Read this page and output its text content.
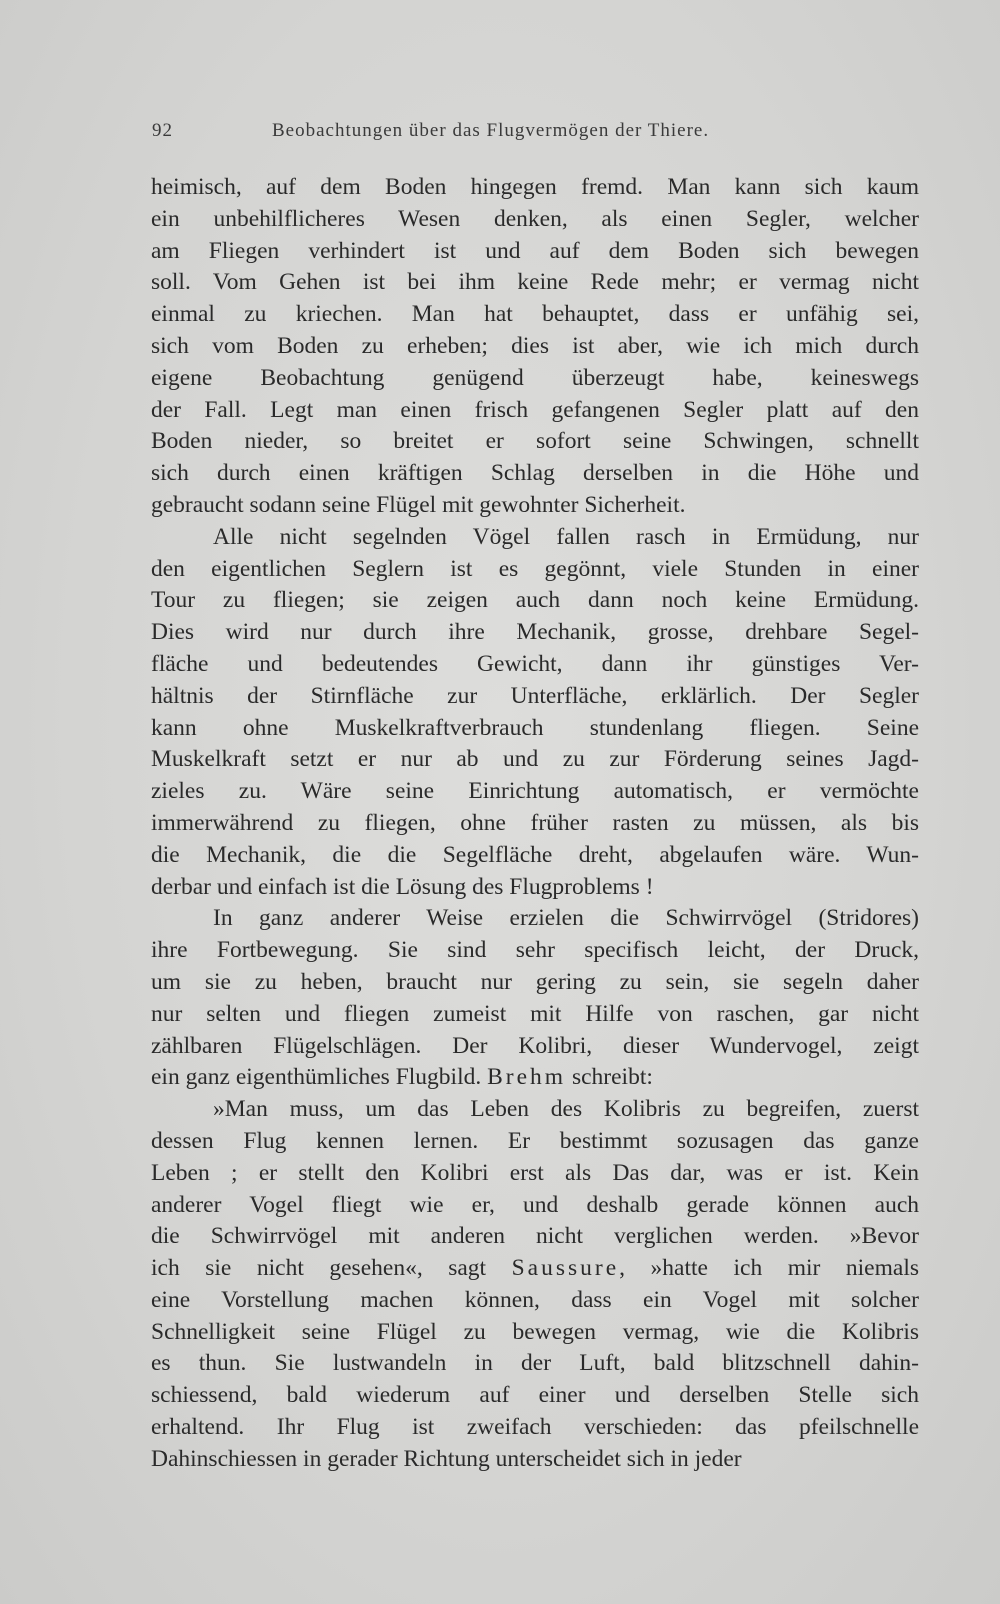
92	Beobachtungen über das Flugvermögen der Thiere.
heimisch, auf dem Boden hingegen fremd. Man kann sich kaum
ein unbehilflicheres Wesen denken, als einen Segler, welcher
am Fliegen verhindert ist und auf dem Boden sich bewegen
soll. Vom Gehen ist bei ihm keine Rede mehr; er vermag nicht
einmal zu kriechen. Man hat behauptet, dass er unfähig sei,
sich vom Boden zu erheben; dies ist aber, wie ich mich durch
eigene Beobachtung genügend überzeugt habe, keineswegs
der Fall. Legt man einen frisch gefangenen Segler platt auf den
Boden nieder, so breitet er sofort seine Schwingen, schnellt
sich durch einen kräftigen Schlag derselben in die Höhe und
gebraucht sodann seine Flügel mit gewohnter Sicherheit.
Alle nicht segelnden Vögel fallen rasch in Ermüdung, nur
den eigentlichen Seglern ist es gegönnt, viele Stunden in einer
Tour zu fliegen; sie zeigen auch dann noch keine Ermüdung.
Dies wird nur durch ihre Mechanik, grosse, drehbare Segel-
fläche und bedeutendes Gewicht, dann ihr günstiges Ver-
hältnis der Stirnfläche zur Unterfläche, erklärlich. Der Segler
kann ohne Muskelkraftverbrauch stundenlang fliegen. Seine
Muskelkraft setzt er nur ab und zu zur Förderung seines Jagd-
zieles zu. Wäre seine Einrichtung automatisch, er vermöchte
immerwährend zu fliegen, ohne früher rasten zu müssen, als bis
die Mechanik, die die Segelfläche dreht, abgelaufen wäre. Wun-
derbar und einfach ist die Lösung des Flugproblems !
In ganz anderer Weise erzielen die Schwirrvögel (Stridores)
ihre Fortbewegung. Sie sind sehr specifisch leicht, der Druck,
um sie zu heben, braucht nur gering zu sein, sie segeln daher
nur selten und fliegen zumeist mit Hilfe von raschen, gar nicht
zählbaren Flügelschlägen. Der Kolibri, dieser Wundervogel, zeigt
ein ganz eigenthümliches Flugbild. Brehm schreibt:
»Man muss, um das Leben des Kolibris zu begreifen, zuerst
dessen Flug kennen lernen. Er bestimmt sozusagen das ganze
Leben ; er stellt den Kolibri erst als Das dar, was er ist. Kein
anderer Vogel fliegt wie er, und deshalb gerade können auch
die Schwirrvögel mit anderen nicht verglichen werden. »Bevor
ich sie nicht gesehen«, sagt Saussure, »hatte ich mir niemals
eine Vorstellung machen können, dass ein Vogel mit solcher
Schnelligkeit seine Flügel zu bewegen vermag, wie die Kolibris
es thun. Sie lustwandeln in der Luft, bald blitzschnell dahin-
schiessend, bald wiederum auf einer und derselben Stelle sich
erhaltend. Ihr Flug ist zweifach verschieden: das pfeilschnelle
Dahinschiessen in gerader Richtung unterscheidet sich in jeder
